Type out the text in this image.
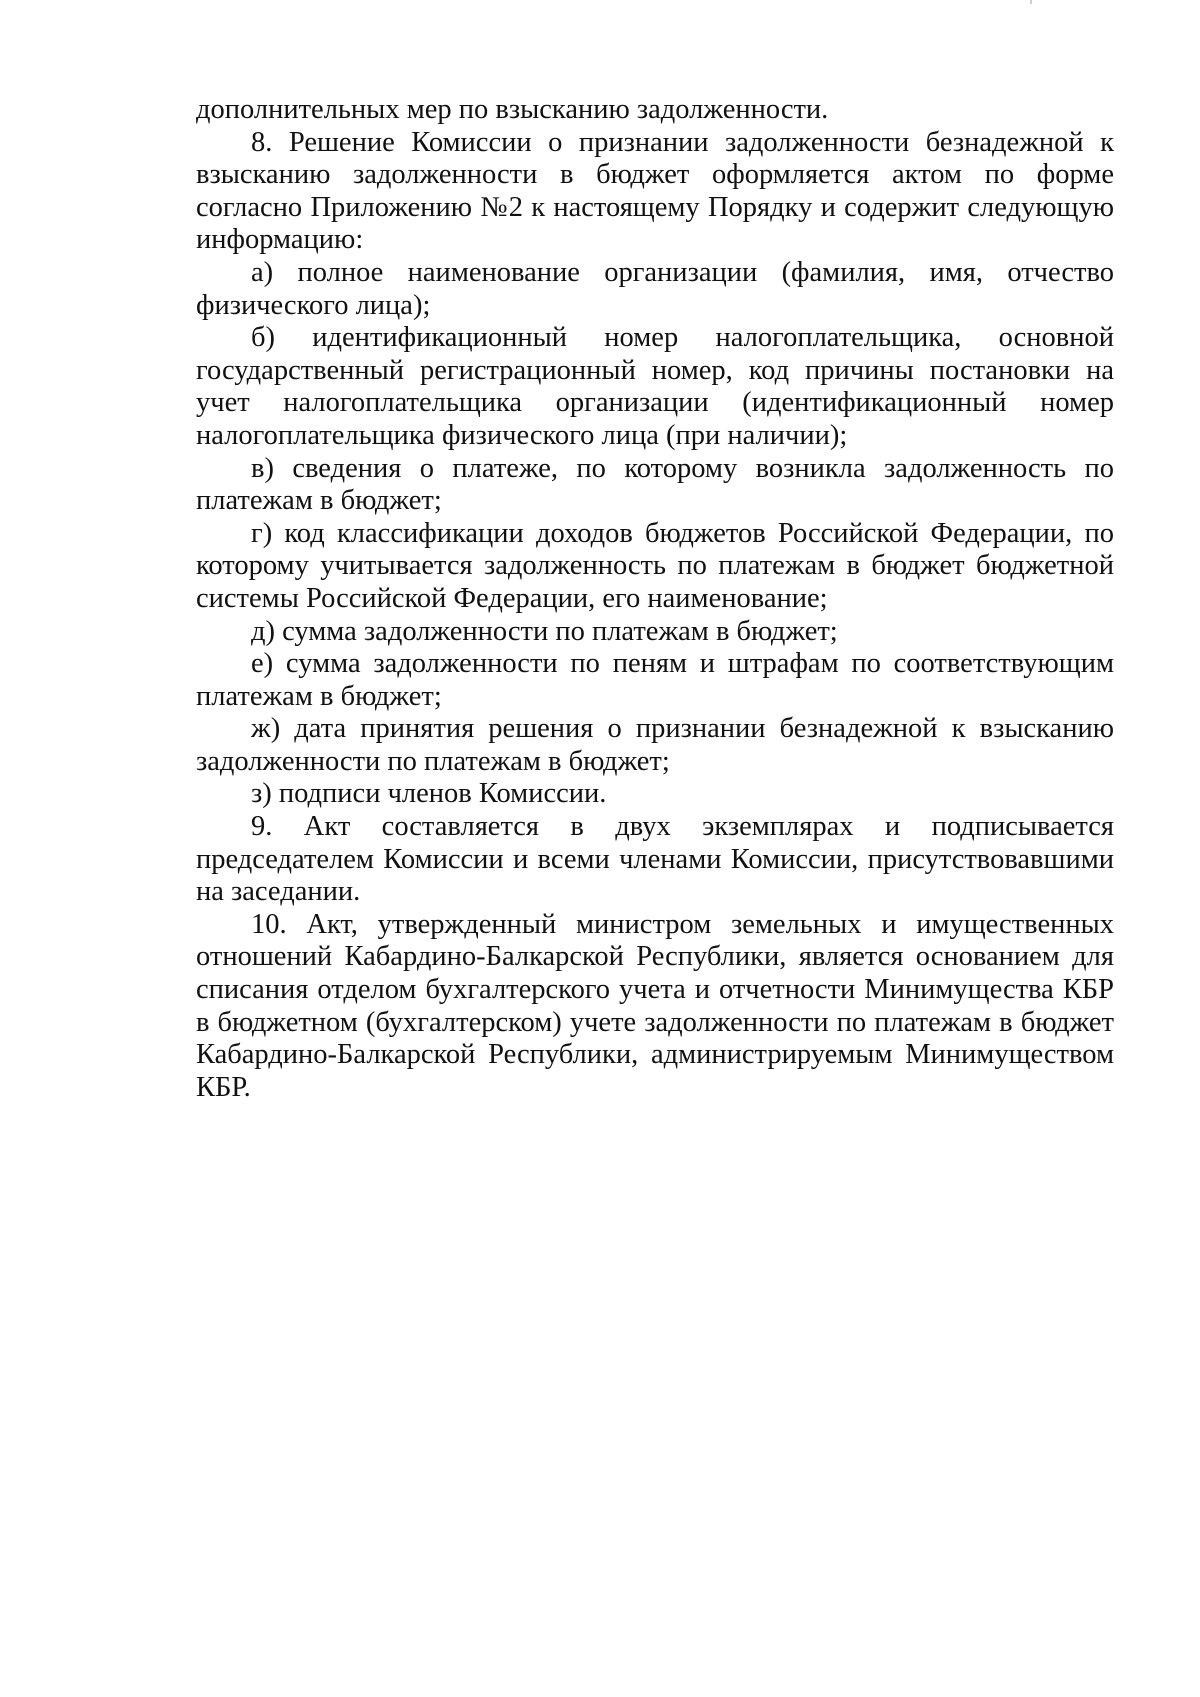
дополнительных мер по взысканию задолженности.

8. Решение Комиссии о признании задолженности безнадежной к взысканию задолженности в бюджет оформляется актом по форме согласно Приложению №2 к настоящему Порядку и содержит следующую информацию:

а) полное наименование организации (фамилия, имя, отчество физического лица);

б) идентификационный номер налогоплательщика, основной государственный регистрационный номер, код причины постановки на учет налогоплательщика организации (идентификационный номер налогоплательщика физического лица (при наличии);

в) сведения о платеже, по которому возникла задолженность по платежам в бюджет;

г) код классификации доходов бюджетов Российской Федерации, по которому учитывается задолженность по платежам в бюджет бюджетной системы Российской Федерации, его наименование;

д) сумма задолженности по платежам в бюджет;

е) сумма задолженности по пеням и штрафам по соответствующим платежам в бюджет;

ж) дата принятия решения о признании безнадежной к взысканию задолженности по платежам в бюджет;

з) подписи членов Комиссии.

9. Акт составляется в двух экземплярах и подписывается председателем Комиссии и всеми членами Комиссии, присутствовавшими на заседании.

10. Акт, утвержденный министром земельных и имущественных отношений Кабардино-Балкарской Республики, является основанием для списания отделом бухгалтерского учета и отчетности Минимущества КБР в бюджетном (бухгалтерском) учете задолженности по платежам в бюджет Кабардино-Балкарской Республики, администрируемым Минимуществом КБР.
